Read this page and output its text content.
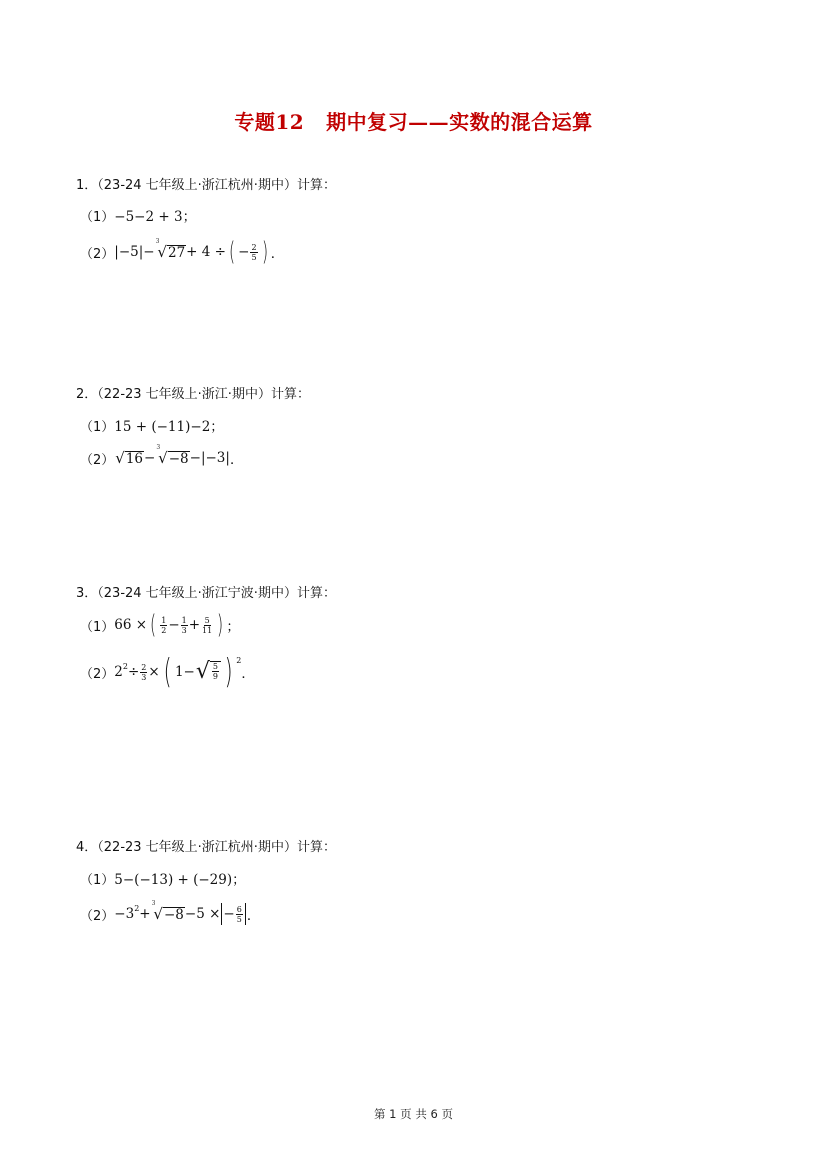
专题12 期中复习——实数的混合运算
1．（23-24 七年级上·浙江杭州·期中）计算：
（1） −5−2 + 3；
（2） |−5|−
3
√ 27 + 4 ÷ ( − $\frac{2}{5}$ ) ．
2．（22-23 七年级上·浙江·期中）计算：
（1） 15 + (−11)−2；
（2） √ 16 −
3
√ −8 −|−3| ．
3．（23-24 七年级上·浙江宁波·期中）计算：
（1） 66 × ( $\frac{1}{2} - \frac{1}{3} + \frac{5}{11}$ ) ；
（2） 2 $2 \div \frac{2}{3}$ × ( 1− √ $\frac{5}{9}$ ) 2
．
4．（22-23 七年级上·浙江杭州·期中）计算：
（1） 5−(−13) + (−29)；
（2） −3 2 +
3
√ −8 −5 × − $\frac{6}{5}$ ．
第 1 页 共 6 页
